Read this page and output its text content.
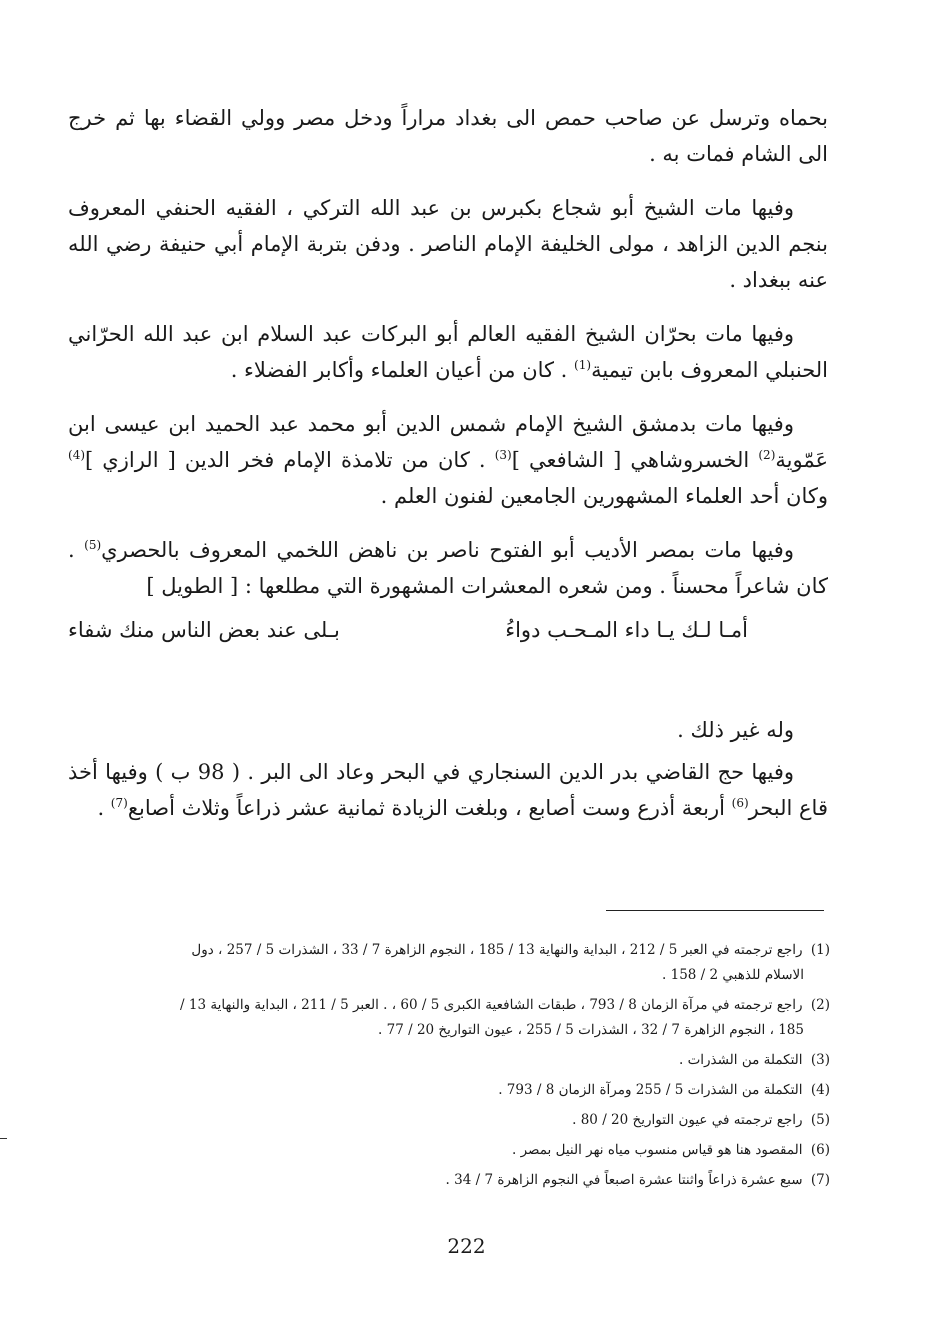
بحماه وترسل عن صاحب حمص الى بغداد مراراً ودخل مصر وولي القضاء بها ثم خرج الى الشام فمات به .

وفيها مات الشيخ أبو شجاع بكبرس بن عبد الله التركي ، الفقيه الحنفي المعروف بنجم الدين الزاهد ، مولى الخليفة الإمام الناصر . ودفن بتربة الإمام أبي حنيفة رضي الله عنه ببغداد .

وفيها مات بحرّان الشيخ الفقيه العالم أبو البركات عبد السلام ابن عبد الله الحرّاني الحنبلي المعروف بابن تيمية$^{(1)}$ . كان من أعيان العلماء وأكابر الفضلاء .

وفيها مات بدمشق الشيخ الإمام شمس الدين أبو محمد عبد الحميد ابن عيسى ابن عَمّوية$^{(2)}$ الخسروشاهي [ الشافعي ]$^{(3)}$ . كان من تلامذة الإمام فخر الدين [ الرازي ]$^{(4)}$ وكان أحد العلماء المشهورين الجامعين لفنون العلم .

وفيها مات بمصر الأديب أبو الفتوح ناصر بن ناهض اللخمي المعروف بالحصري$^{(5)}$ . كان شاعراً محسناً . ومن شعره المعشرات المشهورة التي مطلعها : [ الطويل ]

أمـا لـك يـا داء المـحـب دواءُ
بـلى عند بعض الناس منك شفاء

وله غير ذلك .

وفيها حج القاضي بدر الدين السنجاري في البحر وعاد الى البر . ( 98 ب ) وفيها أخذ قاع البحر$^{(6)}$ أربعة أذرع وست أصابع ، وبلغت الزيادة ثمانية عشر ذراعاً وثلاث أصابع$^{(7)}$ .

(1) راجع ترجمته في العبر 5 / 212 ، البداية والنهاية 13 / 185 ، النجوم الزاهرة 7 / 33 ، الشذرات 5 / 257 ، دول
الاسلام للذهبي 2 / 158 .
(2) راجع ترجمته في مرآة الزمان 8 / 793 ، طبقات الشافعية الكبرى 5 / 60 ، . العبر 5 / 211 ، البداية والنهاية 13 /
185 ، النجوم الزاهرة 7 / 32 ، الشذرات 5 / 255 ، عيون التواريخ 20 / 77 .
(3) التكملة من الشذرات .
(4) التكملة من الشذرات 5 / 255 ومرآة الزمان 8 / 793 .
(5) راجع ترجمته في عيون التواريخ 20 / 80 .
(6) المقصود هنا هو قياس منسوب مياه نهر النيل بمصر .
(7) سبع عشرة ذراعاً واثنتا عشرة اصبعاً في النجوم الزاهرة 7 / 34 .
222
